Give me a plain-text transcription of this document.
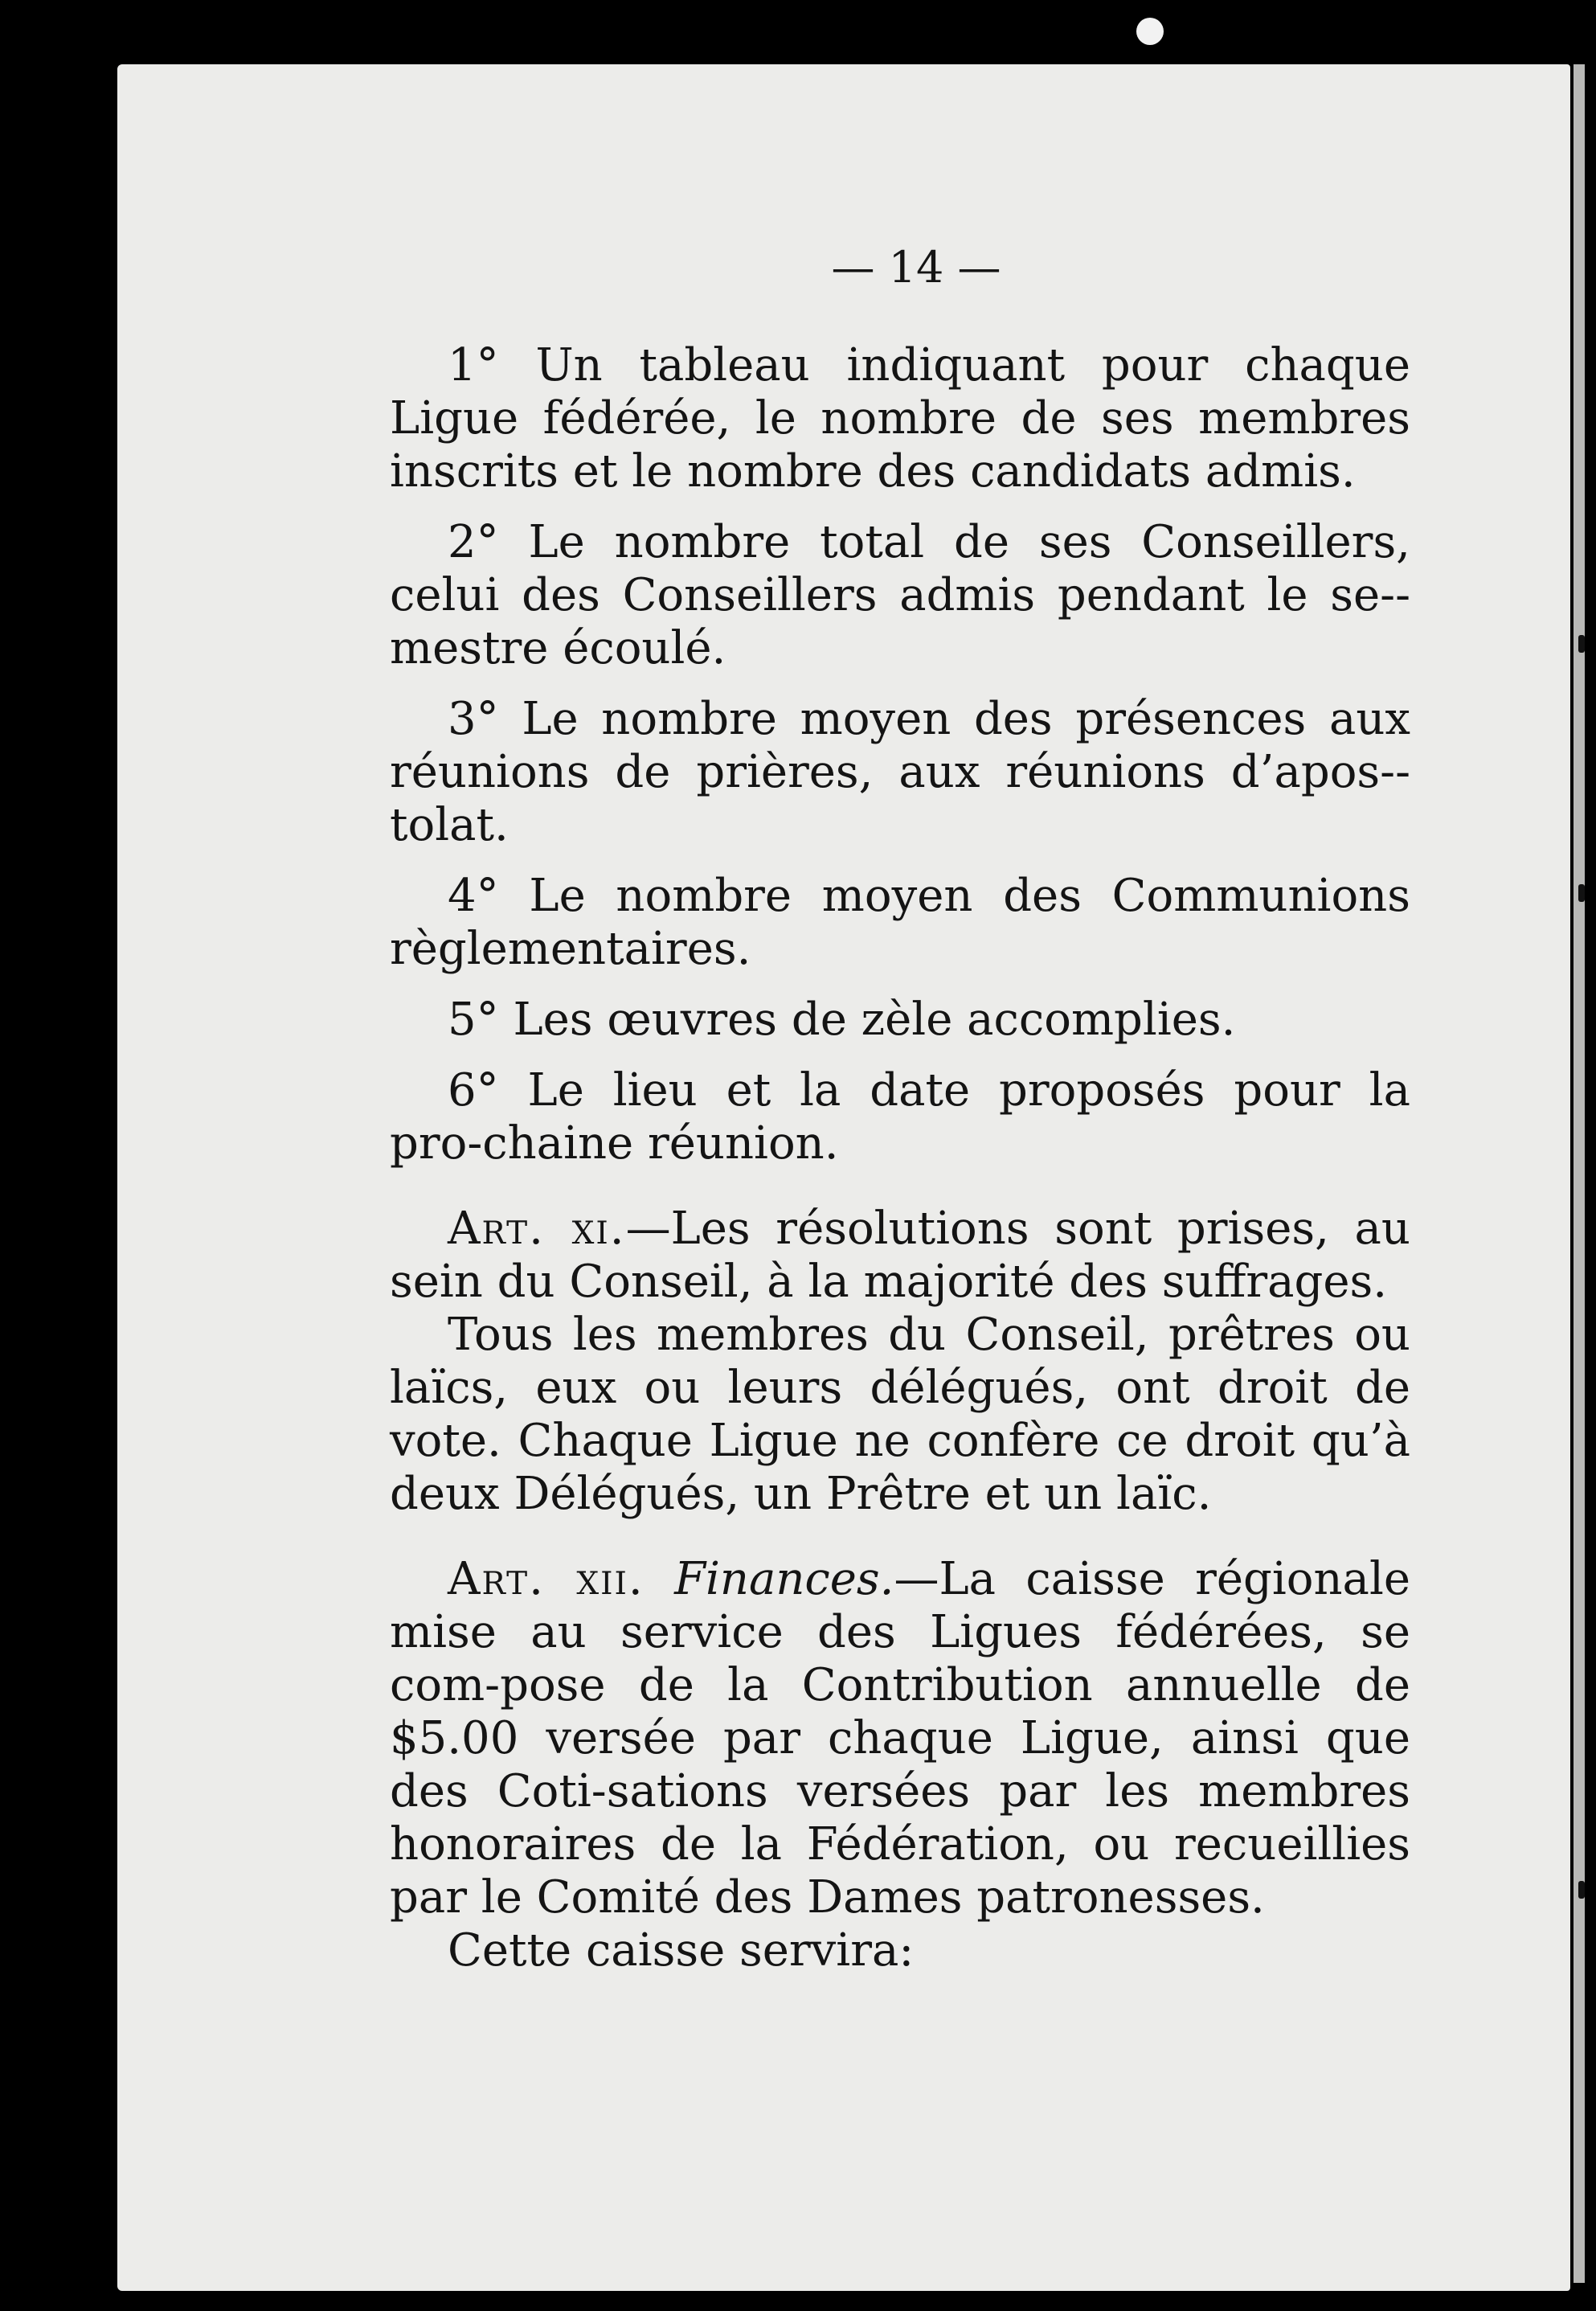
— 14 —

1° Un tableau indiquant pour chaque Ligue fédérée, le nombre de ses membres inscrits et le nombre des candidats admis.

2° Le nombre total de ses Conseillers, celui des Conseillers admis pendant le se-mestre écoulé.

3° Le nombre moyen des présences aux réunions de prières, aux réunions d’apos-tolat.

4° Le nombre moyen des Communions règlementaires.

5° Les œuvres de zèle accomplies.

6° Le lieu et la date proposés pour la pro-chaine réunion.

Art. xi.—Les résolutions sont prises, au sein du Conseil, à la majorité des suffrages.

Tous les membres du Conseil, prêtres ou laïcs, eux ou leurs délégués, ont droit de vote. Chaque Ligue ne confère ce droit qu’à deux Délégués, un Prêtre et un laïc.

Art. xii. Finances.—La caisse régionale mise au service des Ligues fédérées, se com-pose de la Contribution annuelle de $5.00 versée par chaque Ligue, ainsi que des Coti-sations versées par les membres honoraires de la Fédération, ou recueillies par le Comité des Dames patronesses.

Cette caisse servira:
